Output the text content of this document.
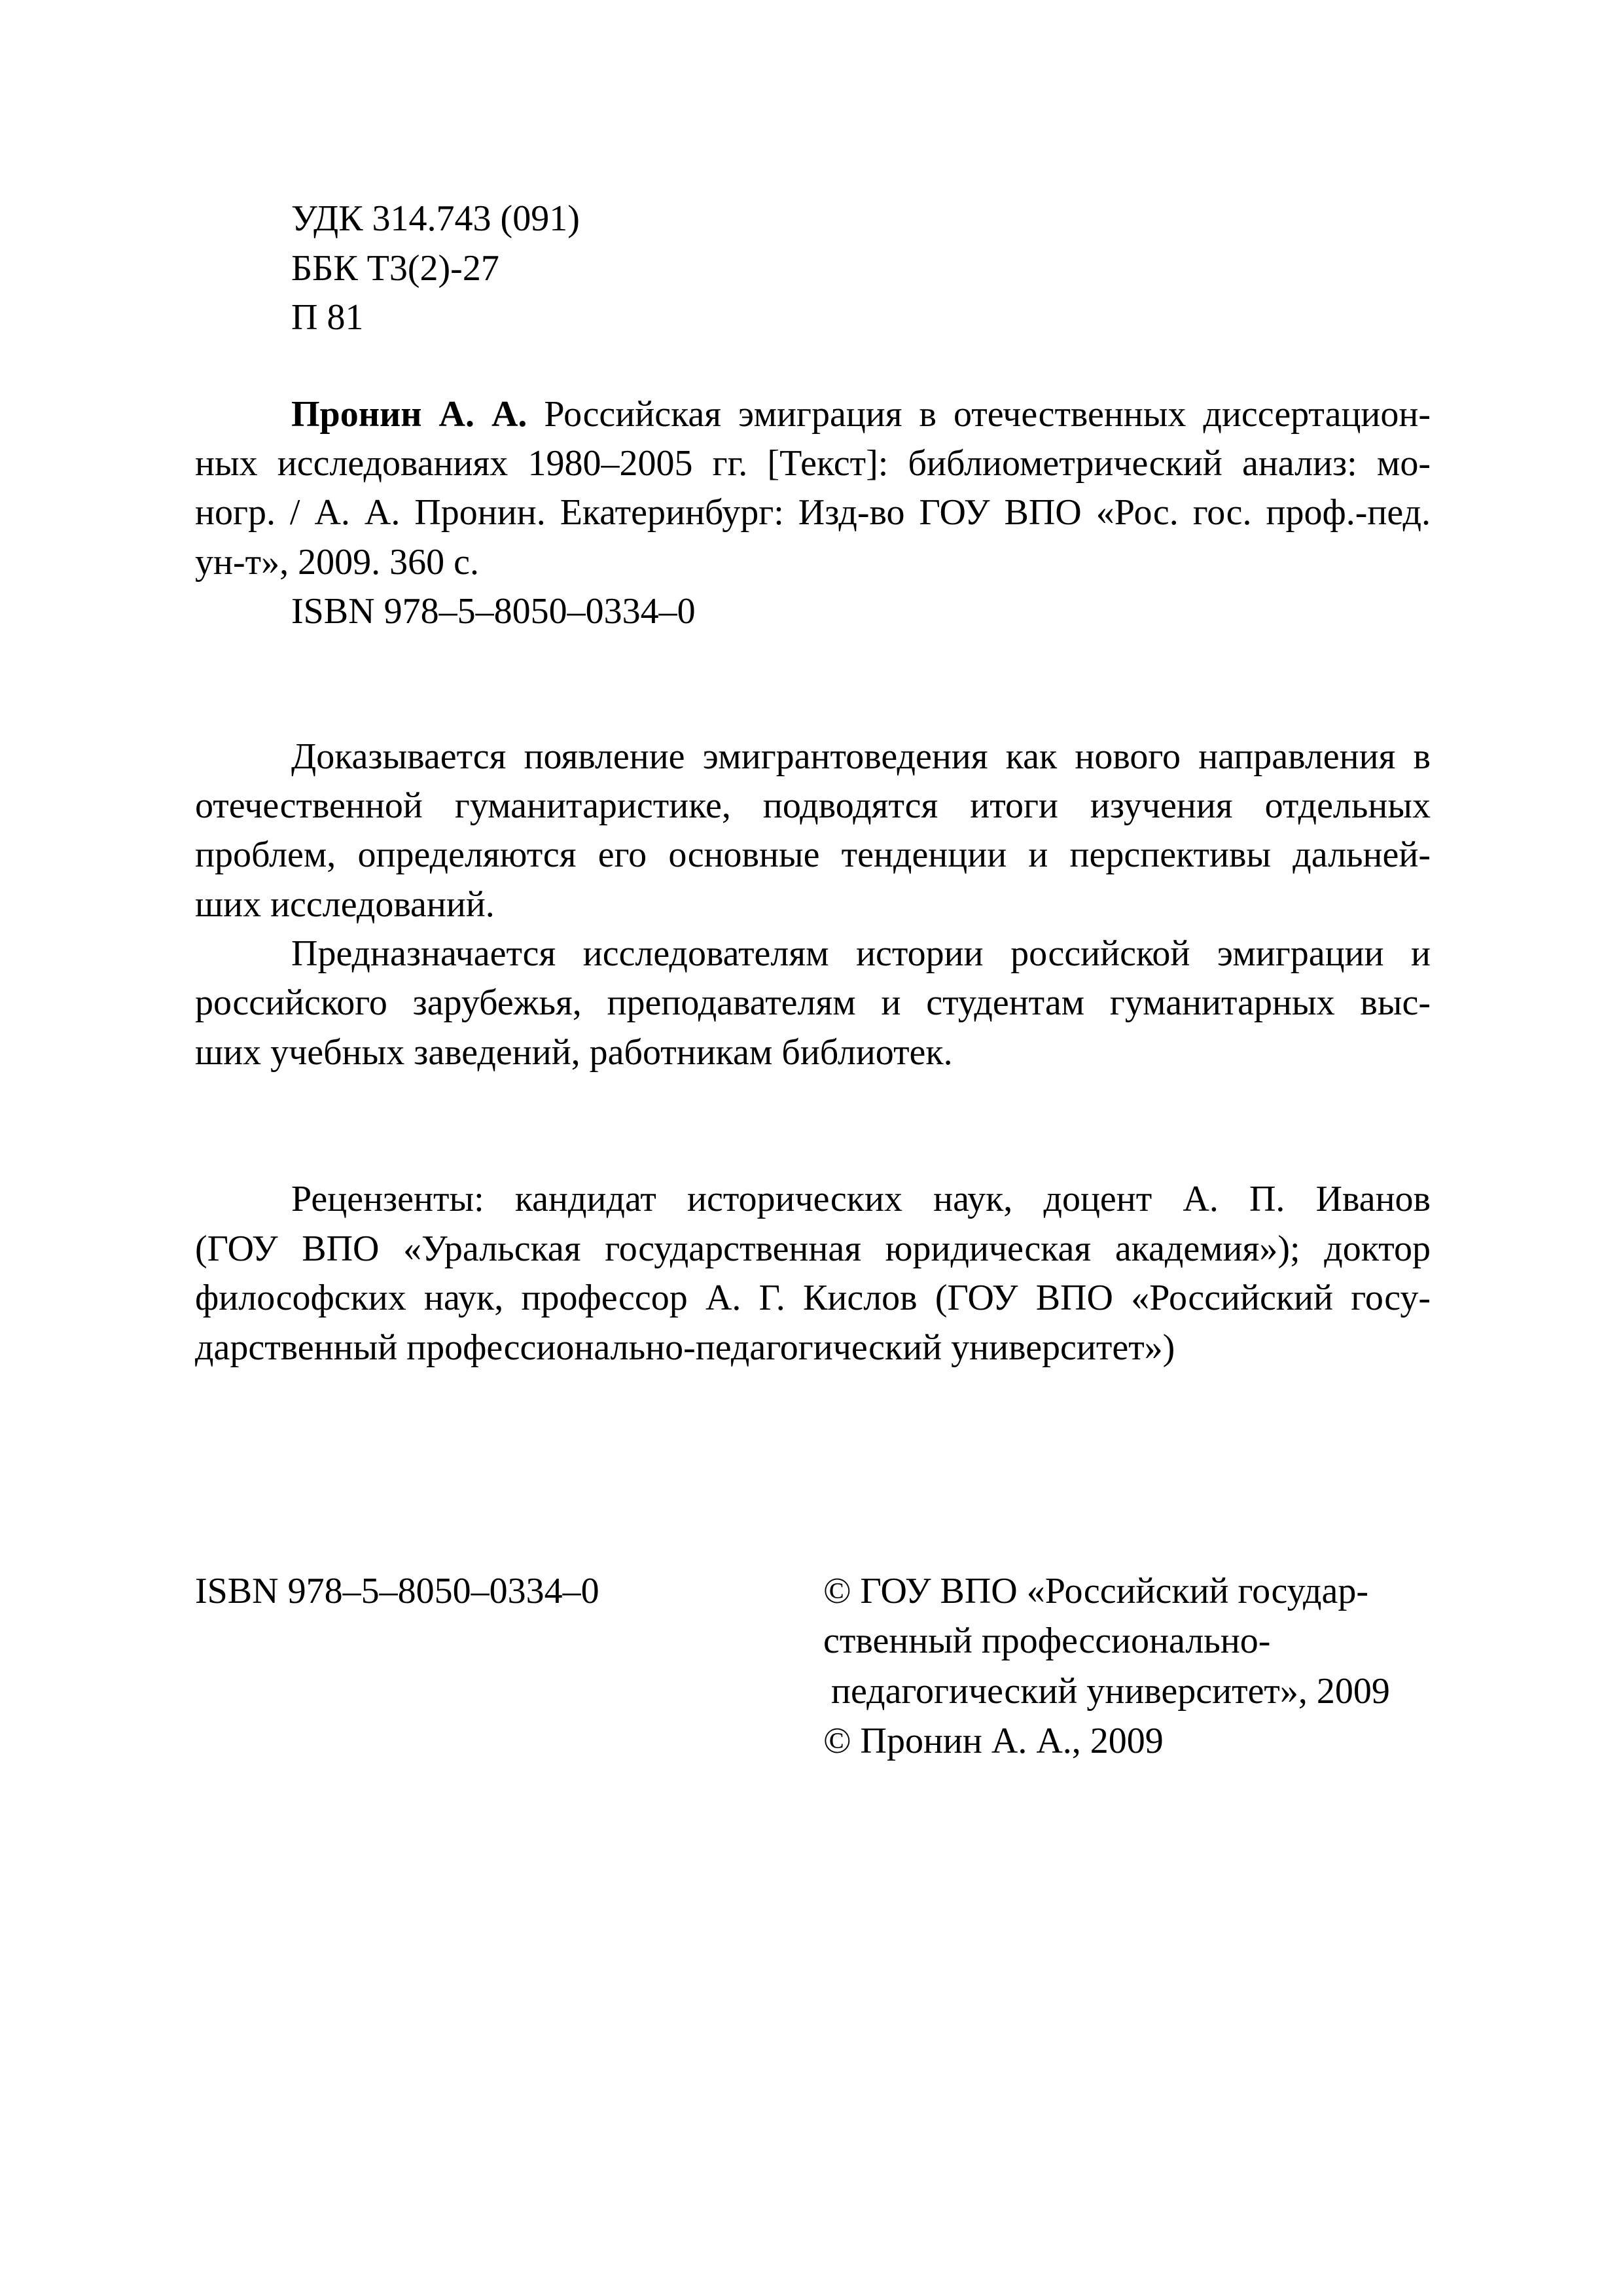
УДК 314.743 (091)
ББК Т3(2)-27
П 81
Пронин А. А. Российская эмиграция в отечественных диссертацион-
ных исследованиях 1980–2005 гг. [Текст]: библиометрический анализ: мо-
ногр. / А. А. Пронин. Екатеринбург: Изд-во ГОУ ВПО «Рос. гос. проф.-пед.
ун-т», 2009. 360 с.
ISBN 978–5–8050–0334–0
Доказывается появление эмигрантоведения как нового направления в
отечественной гуманитаристике, подводятся итоги изучения отдельных
проблем, определяются его основные тенденции и перспективы дальней-
ших исследований.
Предназначается исследователям истории российской эмиграции и
российского зарубежья, преподавателям и студентам гуманитарных выс-
ших учебных заведений, работникам библиотек.
Рецензенты: кандидат исторических наук, доцент А. П. Иванов
(ГОУ ВПО «Уральская государственная юридическая академия»); доктор
философских наук, профессор А. Г. Кислов (ГОУ ВПО «Российский госу-
дарственный профессионально-педагогический университет»)
ISBN 978–5–8050–0334–0	© ГОУ ВПО «Российский государ-
ственный профессионально-
педагогический университет», 2009
© Пронин А. А., 2009
